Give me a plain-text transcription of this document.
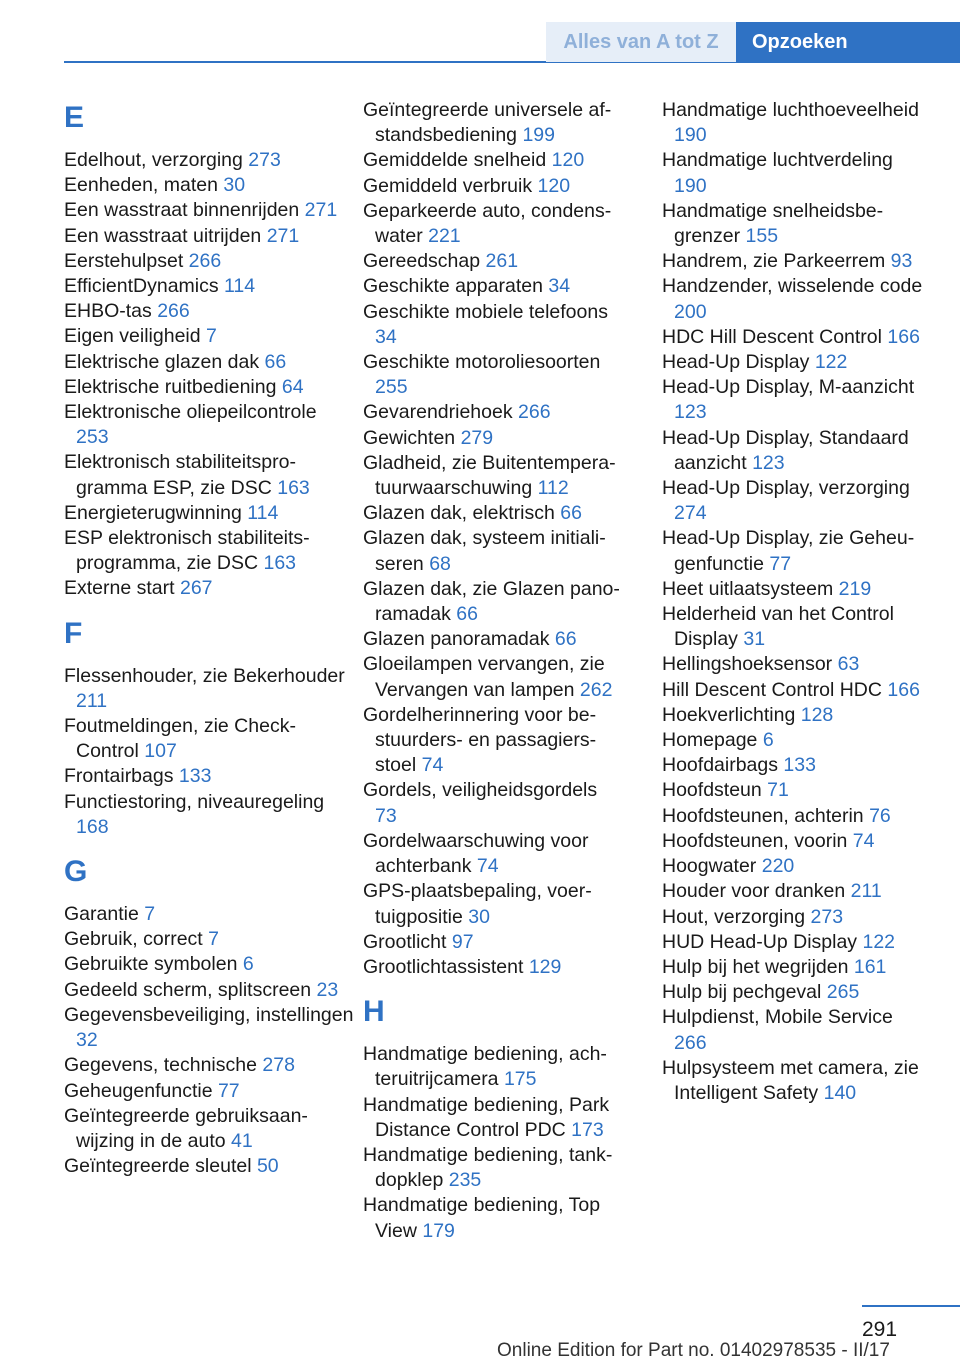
Alles van A tot Z	Opzoeken
E
Edelhout, verzorging 273
Eenheden, maten 30
Een wasstraat binnenrijden 271
Een wasstraat uitrijden 271
Eerstehulpset 266
EfficientDynamics 114
EHBO-tas 266
Eigen veiligheid 7
Elektrische glazen dak 66
Elektrische ruitbediening 64
Elektronische oliepeilcontrole 253
Elektronisch stabiliteitsprogramma ESP, zie DSC 163
Energieterugwinning 114
ESP elektronisch stabiliteitsprogramma, zie DSC 163
Externe start 267
F
Flessenhouder, zie Bekerhouder 211
Foutmeldingen, zie Check-Control 107
Frontairbags 133
Functiestoring, niveauregeling 168
G
Garantie 7
Gebruik, correct 7
Gebruikte symbolen 6
Gedeeld scherm, splitscreen 23
Gegevensbeveiliging, instellingen 32
Gegevens, technische 278
Geheugenfunctie 77
Geïntegreerde gebruiksaanwijzing in de auto 41
Geïntegreerde sleutel 50
Geïntegreerde universele afstandsbediening 199
Gemiddelde snelheid 120
Gemiddeld verbruik 120
Geparkeerde auto, condenswater 221
Gereedschap 261
Geschikte apparaten 34
Geschikte mobiele telefoons 34
Geschikte motoroliesoorten 255
Gevarendriehoek 266
Gewichten 279
Gladheid, zie Buitentemperatuurwaarschuwing 112
Glazen dak, elektrisch 66
Glazen dak, systeem initialiseren 68
Glazen dak, zie Glazen panoramadak 66
Glazen panoramadak 66
Gloeilampen vervangen, zie Vervangen van lampen 262
Gordelherinnering voor bestuurders- en passagiersstoel 74
Gordels, veiligheidsgordels 73
Gordelwaarschuwing voor achterbank 74
GPS-plaatsbepaling, voertuigpositie 30
Grootlicht 97
Grootlichtassistent 129
H
Handmatige bediening, achteruitrijcamera 175
Handmatige bediening, Park Distance Control PDC 173
Handmatige bediening, tankdopklep 235
Handmatige bediening, Top View 179
Handmatige luchthoeveelheid 190
Handmatige luchtverdeling 190
Handmatige snelheidsbegrenzer 155
Handrem, zie Parkeerrem 93
Handzender, wisselende code 200
HDC Hill Descent Control 166
Head-Up Display 122
Head-Up Display, M-aanzicht 123
Head-Up Display, Standaard aanzicht 123
Head-Up Display, verzorging 274
Head-Up Display, zie Geheugenfunctie 77
Heet uitlaatsysteem 219
Helderheid van het Control Display 31
Hellingshoeksensor 63
Hill Descent Control HDC 166
Hoekverlichting 128
Homepage 6
Hoofdairbags 133
Hoofdsteun 71
Hoofdsteunen, achterin 76
Hoofdsteunen, voorin 74
Hoogwater 220
Houder voor dranken 211
Hout, verzorging 273
HUD Head-Up Display 122
Hulp bij het wegrijden 161
Hulp bij pechgeval 265
Hulpdienst, Mobile Service 266
Hulpsysteem met camera, zie Intelligent Safety 140
291
Online Edition for Part no. 01402978535 - II/17
